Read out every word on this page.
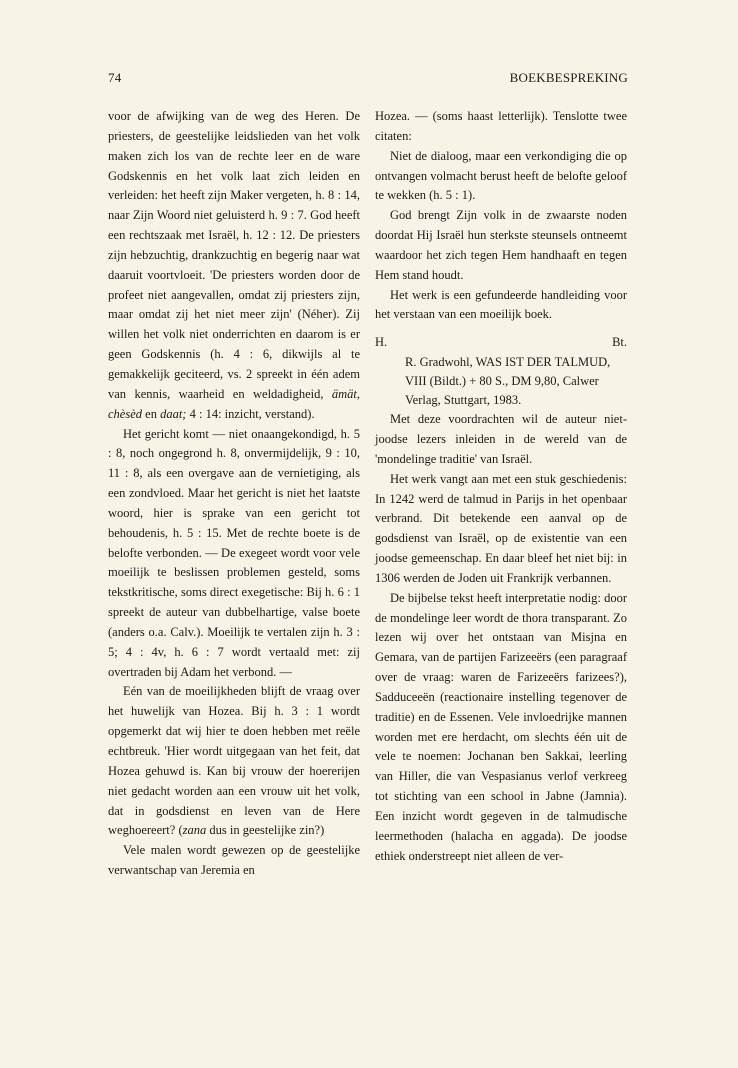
74	BOEKBESPREKING

voor de afwijking van de weg des Heren. De priesters, de geestelijke leidslieden van het volk maken zich los van de rechte leer en de ware Godskennis en het volk laat zich leiden en verleiden: het heeft zijn Maker vergeten, h. 8 : 14, naar Zijn Woord niet geluisterd h. 9 : 7. God heeft een rechtszaak met Israël, h. 12 : 12. De priesters zijn hebzuchtig, drankzuchtig en begerig naar wat daaruit voortvloeit. 'De priesters worden door de profeet niet aangevallen, omdat zij priesters zijn, maar omdat zij het niet meer zijn' (Néher). Zij willen het volk niet onderrichten en daarom is er geen Godskennis (h. 4 : 6, dikwijls al te gemakkelijk geciteerd, vs. 2 spreekt in één adem van kennis, waarheid en weldadigheid, ämät, chèsèd en daat; 4 : 14: inzicht, verstand).

Het gericht komt — niet onaangekondigd, h. 5 : 8, noch ongegrond h. 8, onvermijdelijk, 9 : 10, 11 : 8, als een overgave aan de vernietiging, als een zondvloed. Maar het gericht is niet het laatste woord, hier is sprake van een gericht tot behoudenis, h. 5 : 15. Met de rechte boete is de belofte verbonden. — De exegeet wordt voor vele moeilijk te beslissen problemen gesteld, soms tekstkritische, soms direct exegetische: Bij h. 6 : 1 spreekt de auteur van dubbelhartige, valse boete (anders o.a. Calv.). Moeilijk te vertalen zijn h. 3 : 5; 4 : 4v, h. 6 : 7 wordt vertaald met: zij overtraden bij Adam het verbond. —

Eén van de moeilijkheden blijft de vraag over het huwelijk van Hozea. Bij h. 3 : 1 wordt opgemerkt dat wij hier te doen hebben met reële echtbreuk. 'Hier wordt uitgegaan van het feit, dat Hozea gehuwd is. Kan bij vrouw der hoererijen niet gedacht worden aan een vrouw uit het volk, dat in godsdienst en leven van de Here weghoereert? (zana dus in geestelijke zin?)

Vele malen wordt gewezen op de geestelijke verwantschap van Jeremia en

Hozea. — (soms haast letterlijk). Tenslotte twee citaten:

Niet de dialoog, maar een verkondiging die op ontvangen volmacht berust heeft de belofte geloof te wekken (h. 5 : 1).

God brengt Zijn volk in de zwaarste noden doordat Hij Israël hun sterkste steunsels ontneemt waardoor het zich tegen Hem handhaaft en tegen Hem stand houdt.

Het werk is een gefundeerde handleiding voor het verstaan van een moeilijk boek.

H.	Bt.

R. Gradwohl, WAS IST DER TALMUD, VIII (Bildt.) + 80 S., DM 9,80, Calwer Verlag, Stuttgart, 1983.

Met deze voordrachten wil de auteur niet-joodse lezers inleiden in de wereld van de 'mondelinge traditie' van Israël.

Het werk vangt aan met een stuk geschiedenis: In 1242 werd de talmud in Parijs in het openbaar verbrand. Dit betekende een aanval op de godsdienst van Israël, op de existentie van een joodse gemeenschap. En daar bleef het niet bij: in 1306 werden de Joden uit Frankrijk verbannen.

De bijbelse tekst heeft interpretatie nodig: door de mondelinge leer wordt de thora transparant. Zo lezen wij over het ontstaan van Misjna en Gemara, van de partijen Farizeeërs (een paragraaf over de vraag: waren de Farizeeërs farizees?), Sadduceeën (reactionaire instelling tegenover de traditie) en de Essenen. Vele invloedrijke mannen worden met ere herdacht, om slechts één uit de vele te noemen: Jochanan ben Sakkai, leerling van Hiller, die van Vespasianus verlof verkreeg tot stichting van een school in Jabne (Jamnia). Een inzicht wordt gegeven in de talmudische leermethoden (halacha en aggada). De joodse ethiek onderstreept niet alleen de ver-
